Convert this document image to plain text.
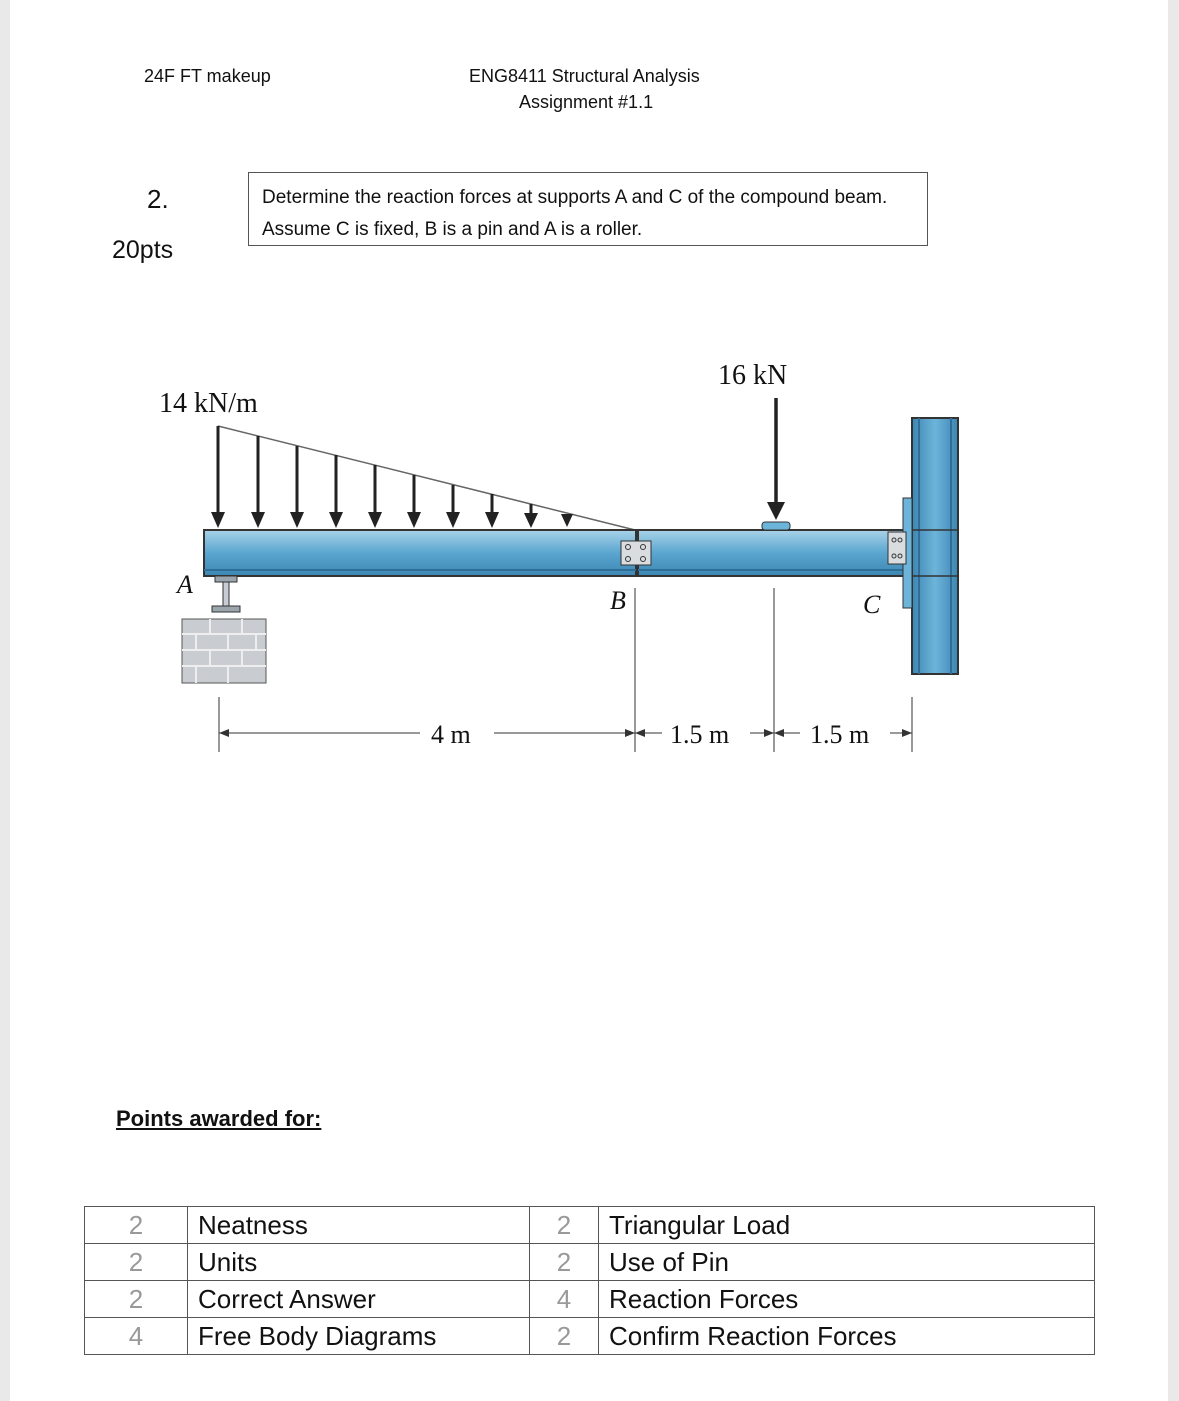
24F FT makeup	ENG8411 Structural Analysis
Assignment #1.1
2.
20pts
Determine the reaction forces at supports A and C of the compound beam. Assume C is fixed, B is a pin and A is a roller.
14 kN/m
16 kN
A
B	C
4 m	1.5 m	1.5 m
Points awarded for:
2	Neatness	2	Triangular Load
2	Units	2	Use of Pin
2	Correct Answer	4	Reaction Forces
4	Free Body Diagrams	2	Confirm Reaction Forces
